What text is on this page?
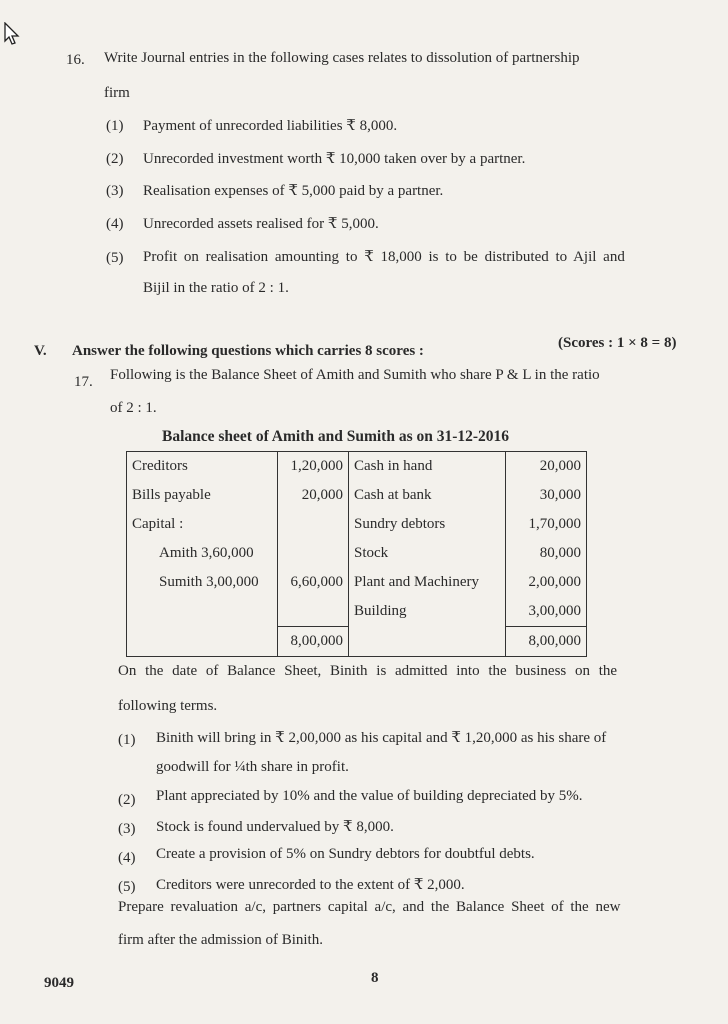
16. Write Journal entries in the following cases relates to dissolution of partnership
firm
(1) Payment of unrecorded liabilities ₹ 8,000.
(2) Unrecorded investment worth ₹ 10,000 taken over by a partner.
(3) Realisation expenses of ₹ 5,000 paid by a partner.
(4) Unrecorded assets realised for ₹ 5,000.
(5) Profit on realisation amounting to ₹ 18,000 is to be distributed to Ajil and
Bijil in the ratio of 2 : 1.
V. Answer the following questions which carries 8 scores :	(Scores : 1 × 8 = 8)
17. Following is the Balance Sheet of Amith and Sumith who share P & L in the ratio
of 2 : 1.
Balance sheet of Amith and Sumith as on 31-12-2016
Creditors	1,20,000	Cash in hand	20,000
Bills payable	20,000	Cash at bank	30,000
Capital :		Sundry debtors	1,70,000
Amith 3,60,000		Stock	80,000
Sumith 3,00,000	6,60,000	Plant and Machinery	2,00,000
		Building	3,00,000
	8,00,000		8,00,000
On the date of Balance Sheet, Binith is admitted into the business on the
following terms.
(1) Binith will bring in ₹ 2,00,000 as his capital and ₹ 1,20,000 as his share of
goodwill for ¼th share in profit.
(2) Plant appreciated by 10% and the value of building depreciated by 5%.
(3) Stock is found undervalued by ₹ 8,000.
(4) Create a provision of 5% on Sundry debtors for doubtful debts.
(5) Creditors were unrecorded to the extent of ₹ 2,000.
Prepare revaluation a/c, partners capital a/c, and the Balance Sheet of the new
firm after the admission of Binith.
9049	8
